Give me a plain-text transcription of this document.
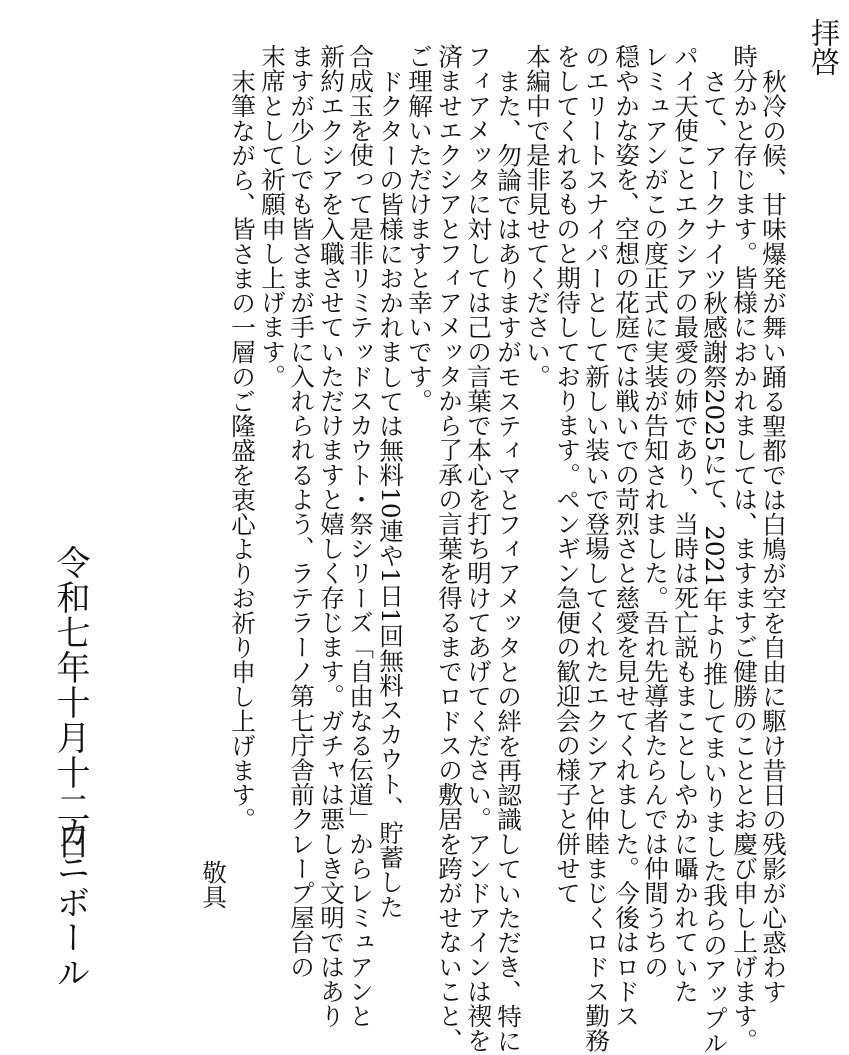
拝啓
秋冷の候、甘味爆発が舞い踊る聖都では白鳩が空を自由に駆け昔日の残影が心惑わす
時分かと存じます。皆様におかれましては、ますますご健勝のこととお慶び申し上げます。
さて、アークナイツ秋感謝祭2025にて、2021年より推してまいりました我らのアップル
パイ天使ことエクシアの最愛の姉であり、当時は死亡説もまことしやかに囁かれていた
レミュアンがこの度正式に実装が告知されました。吾れ先導者たらんでは仲間うちの
穏やかな姿を、空想の花庭では戦いでの苛烈さと慈愛を見せてくれました。今後はロドス
のエリートスナイパーとして新しい装いで登場してくれたエクシアと仲睦まじくロドス勤務
をしてくれるものと期待しております。ペンギン急便の歓迎会の様子と併せて
本編中で是非見せてください。
また、勿論ではありますがモスティマとフィアメッタとの絆を再認識していただき、特に
フィアメッタに対しては己の言葉で本心を打ち明けてあげてください。アンドアインは禊を
済ませエクシアとフィアメッタから了承の言葉を得るまでロドスの敷居を跨がせないこと、
ご理解いただけますと幸いです。
ドクターの皆様におかれましては無料10連や1日1回無料スカウト、貯蓄した
合成玉を使って是非リミテッドスカウト・祭シリーズ「自由なる伝道」からレミュアンと
新約エクシアを入職させていただけますと嬉しく存じます。ガチャは悪しき文明ではあり
ますが少しでも皆さまが手に入れられるよう、ラテラーノ第七庁舎前クレープ屋台の
末席として祈願申し上げます。
末筆ながら、皆さまの一層のご隆盛を衷心よりお祈り申し上げます。
敬具
令和七年十月十二日
カニボール
